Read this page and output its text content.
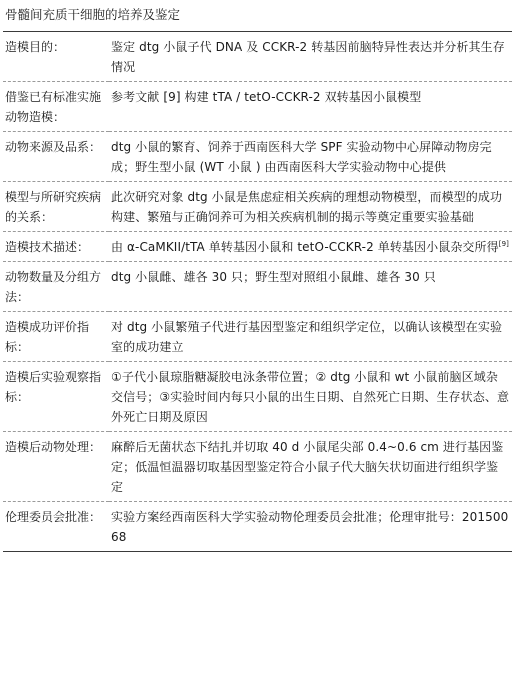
骨髓间充质干细胞的培养及鉴定
造模目的：	鉴定 dtg 小鼠子代 DNA 及 CCKR-2 转基因前脑特异性表达并分析其生存情况
借鉴已有标准实施动物造模：	参考文献 [9] 构建 tTA / tetO-CCKR-2 双转基因小鼠模型
动物来源及品系：	dtg 小鼠的繁育、饲养于西南医科大学 SPF 实验动物中心屏障动物房完成；野生型小鼠 (WT 小鼠 ) 由西南医科大学实验动物中心提供
模型与所研究疾病的关系：	此次研究对象 dtg 小鼠是焦虑症相关疾病的理想动物模型，而模型的成功构建、繁殖与正确饲养可为相关疾病机制的揭示等奠定重要实验基础
造模技术描述：	由 α-CaMKII/tTA 单转基因小鼠和 tetO-CCKR-2 单转基因小鼠杂交所得[9]
动物数量及分组方法：	dtg 小鼠雌、雄各 30 只；野生型对照组小鼠雌、雄各 30 只
造模成功评价指标：	对 dtg 小鼠繁殖子代进行基因型鉴定和组织学定位，以确认该模型在实验室的成功建立
造模后实验观察指标：	①子代小鼠琼脂糖凝胶电泳条带位置；② dtg 小鼠和 wt 小鼠前脑区域杂交信号；③实验时间内每只小鼠的出生日期、自然死亡日期、生存状态、意外死亡日期及原因
造模后动物处理：	麻醉后无菌状态下结扎并切取 40 d 小鼠尾尖部 0.4~0.6 cm 进行基因鉴定；低温恒温器切取基因型鉴定符合小鼠子代大脑矢状切面进行组织学鉴定
伦理委员会批准：	实验方案经西南医科大学实验动物伦理委员会批准；伦理审批号：20150068
